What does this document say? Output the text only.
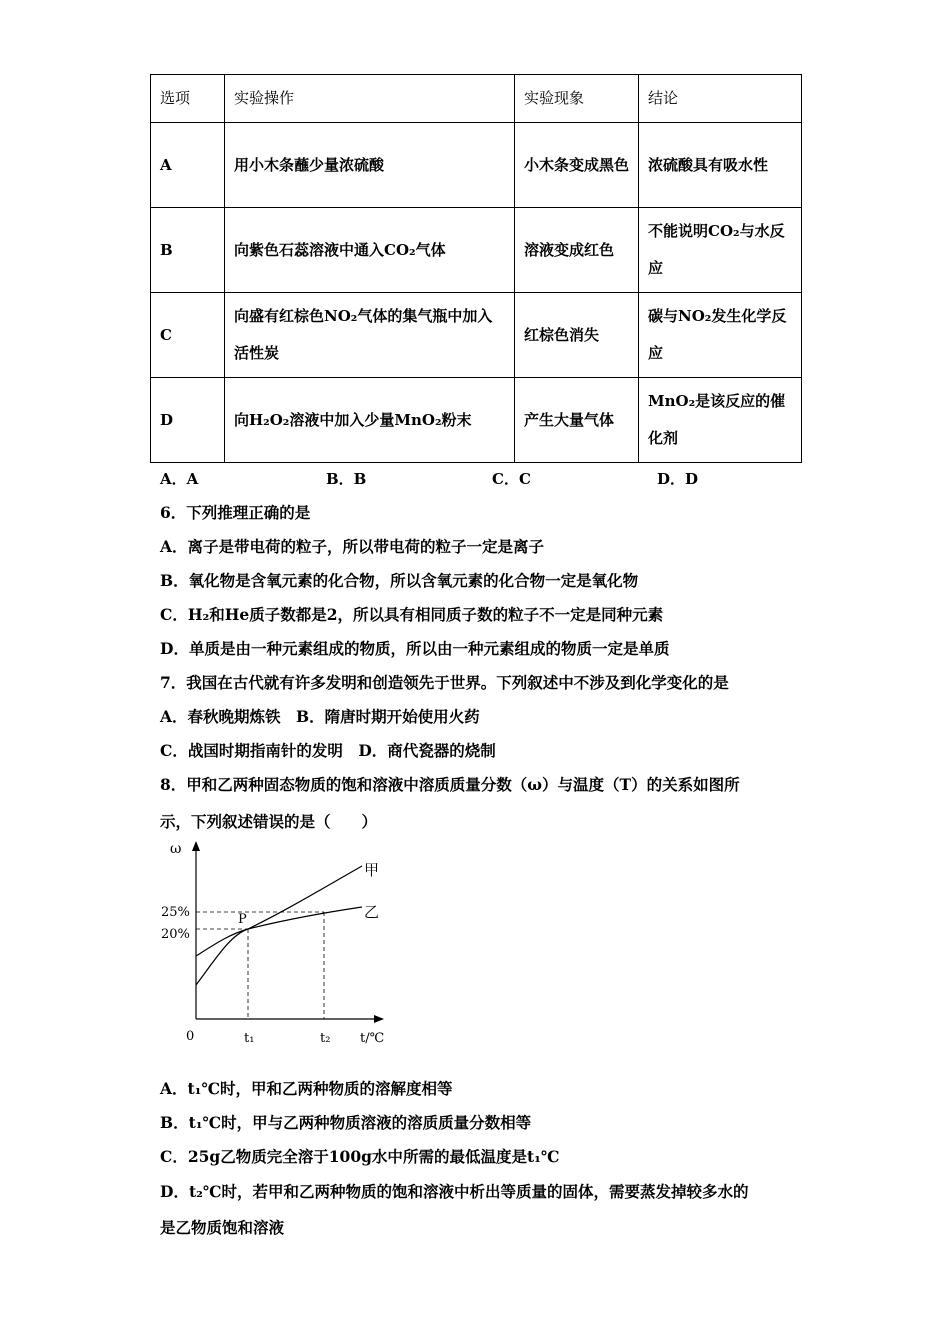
选项	实验操作	实验现象	结论
A	用小木条蘸少量浓硫酸	小木条变成黑色	浓硫酸具有吸水性
B	向紫色石蕊溶液中通入CO₂气体	溶液变成红色	不能说明CO₂与水反应
C	向盛有红棕色NO₂气体的集气瓶中加入活性炭	红棕色消失	碳与NO₂发生化学反应
D	向H₂O₂溶液中加入少量MnO₂粉末	产生大量气体	MnO₂是该反应的催化剂
A．A	B．B	C．C	D．D
6．下列推理正确的是
A．离子是带电荷的粒子，所以带电荷的粒子一定是离子
B．氧化物是含氧元素的化合物，所以含氧元素的化合物一定是氧化物
C．H₂和He质子数都是2，所以具有相同质子数的粒子不一定是同种元素
D．单质是由一种元素组成的物质，所以由一种元素组成的物质一定是单质
7．我国在古代就有许多发明和创造领先于世界。下列叙述中不涉及到化学变化的是
A．春秋晚期炼铁　B．隋唐时期开始使用火药
C．战国时期指南针的发明　D．商代瓷器的烧制
8．甲和乙两种固态物质的饱和溶液中溶质质量分数（ω）与温度（T）的关系如图所
示，下列叙述错误的是（　　）
ω
25%
20%
P
甲
乙
0	t₁	t₂ t/℃
A．t₁℃时，甲和乙两种物质的溶解度相等
B．t₁℃时，甲与乙两种物质溶液的溶质质量分数相等
C．25g乙物质完全溶于100g水中所需的最低温度是t₁℃
D．t₂℃时，若甲和乙两种物质的饱和溶液中析出等质量的固体，需要蒸发掉较多水的
是乙物质饱和溶液
